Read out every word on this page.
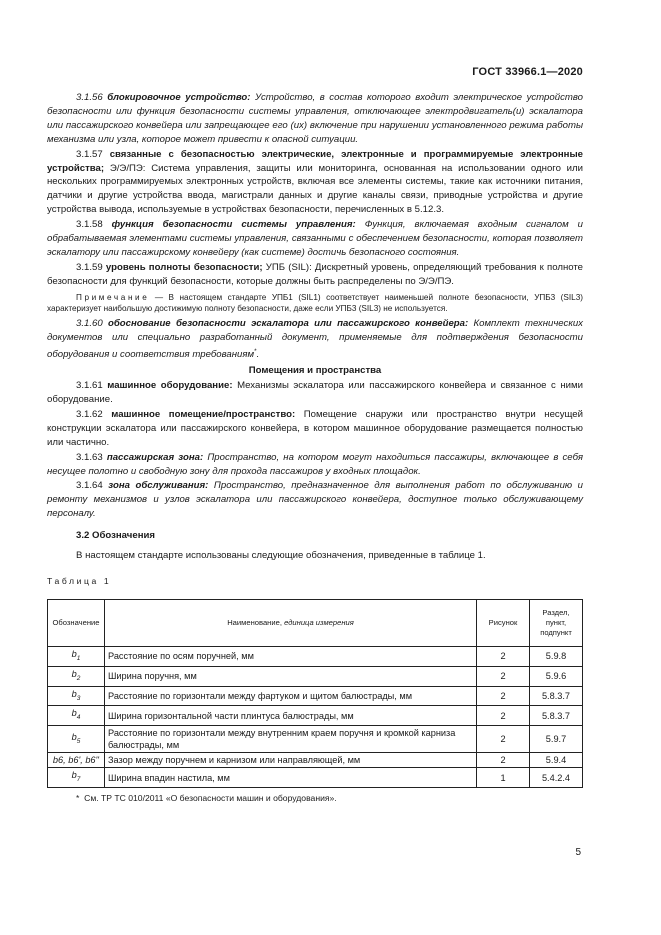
ГОСТ 33966.1—2020

3.1.56 блокировочное устройство: Устройство, в состав которого входит электрическое устройство безопасности или функция безопасности системы управления, отключающее электродвигатель(и) эскалатора или пассажирского конвейера или запрещающее его (их) включение при нарушении установленного режима работы механизма или узла, которое может привести к опасной ситуации.

3.1.57 связанные с безопасностью электрические, электронные и программируемые электронные устройства; Э/Э/ПЭ: Система управления, защиты или мониторинга, основанная на использовании одного или нескольких программируемых электронных устройств, включая все элементы системы, такие как источники питания, датчики и другие устройства ввода, магистрали данных и другие каналы связи, приводные устройства и другие устройства вывода, используемые в устройствах безопасности, перечисленных в 5.12.3.

3.1.58 функция безопасности системы управления: Функция, включаемая входным сигналом и обрабатываемая элементами системы управления, связанными с обеспечением безопасности, которая позволяет эскалатору или пассажирскому конвейеру (как системе) достичь безопасного состояния.

3.1.59 уровень полноты безопасности; УПБ (SIL): Дискретный уровень, определяющий требования к полноте безопасности для функций безопасности, которые должны быть распределены по Э/Э/ПЭ.

Примечание — В настоящем стандарте УПБ1 (SIL1) соответствует наименьшей полноте безопасности, УПБ3 (SIL3) характеризует наибольшую достижимую полноту безопасности, даже если УПБ3 (SIL3) не используется.

3.1.60 обоснование безопасности эскалатора или пассажирского конвейера: Комплект технических документов или специально разработанный документ, применяемые для подтверждения безопасности оборудования и соответствия требованиям*.

Помещения и пространства

3.1.61 машинное оборудование: Механизмы эскалатора или пассажирского конвейера и связанное с ними оборудование.

3.1.62 машинное помещение/пространство: Помещение снаружи или пространство внутри несущей конструкции эскалатора или пассажирского конвейера, в котором машинное оборудование размещается полностью или частично.

3.1.63 пассажирская зона: Пространство, на котором могут находиться пассажиры, включающее в себя несущее полотно и свободную зону для прохода пассажиров у входных площадок.

3.1.64 зона обслуживания: Пространство, предназначенное для выполнения работ по обслуживанию и ремонту механизмов и узлов эскалатора или пассажирского конвейера, доступное только обслуживающему персоналу.

3.2 Обозначения

В настоящем стандарте использованы следующие обозначения, приведенные в таблице 1.

Таблица 1

Обозначение	Наименование, единица измерения	Рисунок	Раздел, пункт, подпункт
$b_1$	Расстояние по осям поручней, мм	2	5.9.8
$b_2$	Ширина поручня, мм	2	5.9.6
$b_3$	Расстояние по горизонтали между фартуком и щитом балюстрады, мм	2	5.8.3.7
$b_4$	Ширина горизонтальной части плинтуса балюстрады, мм	2	5.8.3.7
$b_5$	Расстояние по горизонтали между внутренним краем поручня и кромкой карниза балюстрады, мм	2	5.9.7
b6, b6', b6''	Зазор между поручнем и карнизом или направляющей, мм	2	5.9.4
$b_7$	Ширина впадин настила, мм	1	5.4.2.4

* См. ТР ТС 010/2011 «О безопасности машин и оборудования».

5
